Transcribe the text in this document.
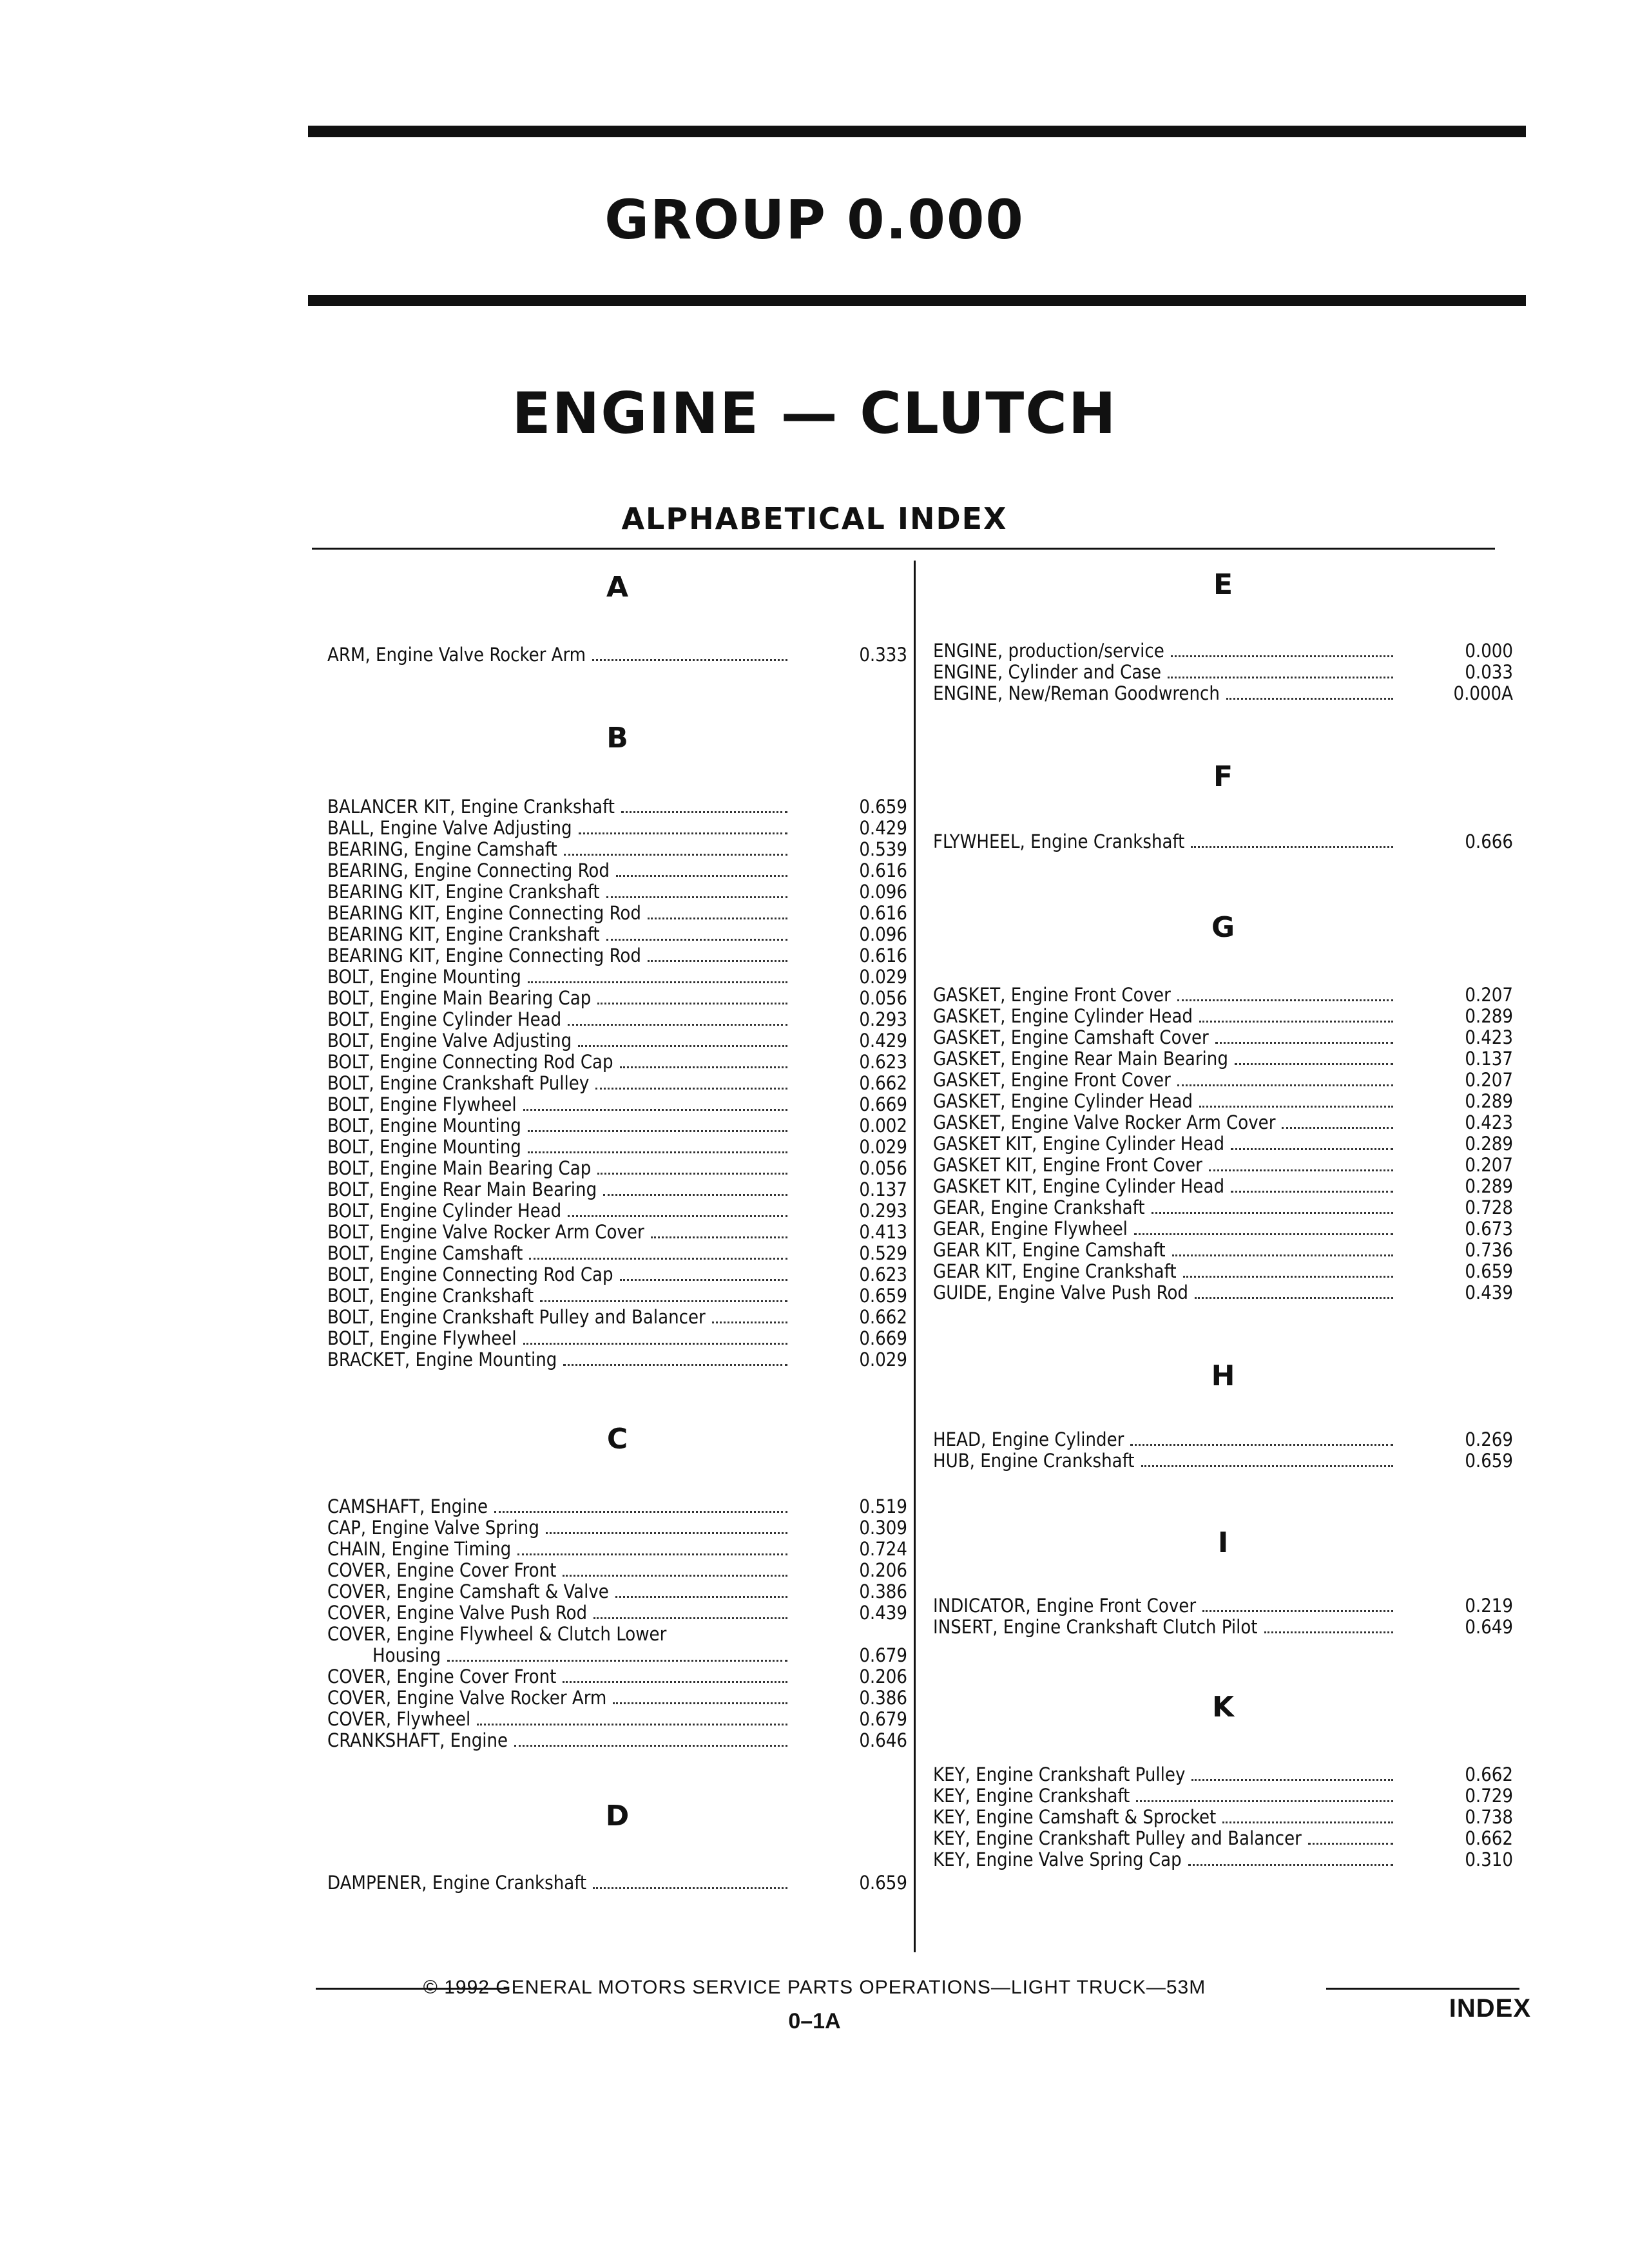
GROUP 0.000
ENGINE — CLUTCH
ALPHABETICAL INDEX
A
ARM, Engine Valve Rocker Arm	0.333
B
BALANCER KIT, Engine Crankshaft	0.659
BALL, Engine Valve Adjusting	0.429
BEARING, Engine Camshaft	0.539
BEARING, Engine Connecting Rod	0.616
BEARING KIT, Engine Crankshaft	0.096
BEARING KIT, Engine Connecting Rod	0.616
BEARING KIT, Engine Crankshaft	0.096
BEARING KIT, Engine Connecting Rod	0.616
BOLT, Engine Mounting	0.029
BOLT, Engine Main Bearing Cap	0.056
BOLT, Engine Cylinder Head	0.293
BOLT, Engine Valve Adjusting	0.429
BOLT, Engine Connecting Rod Cap	0.623
BOLT, Engine Crankshaft Pulley	0.662
BOLT, Engine Flywheel	0.669
BOLT, Engine Mounting	0.002
BOLT, Engine Mounting	0.029
BOLT, Engine Main Bearing Cap	0.056
BOLT, Engine Rear Main Bearing	0.137
BOLT, Engine Cylinder Head	0.293
BOLT, Engine Valve Rocker Arm Cover	0.413
BOLT, Engine Camshaft	0.529
BOLT, Engine Connecting Rod Cap	0.623
BOLT, Engine Crankshaft	0.659
BOLT, Engine Crankshaft Pulley and Balancer	0.662
BOLT, Engine Flywheel	0.669
BRACKET, Engine Mounting	0.029
C
CAMSHAFT, Engine	0.519
CAP, Engine Valve Spring	0.309
CHAIN, Engine Timing	0.724
COVER, Engine Cover Front	0.206
COVER, Engine Camshaft & Valve	0.386
COVER, Engine Valve Push Rod	0.439
COVER, Engine Flywheel & Clutch Lower
Housing	0.679
COVER, Engine Cover Front	0.206
COVER, Engine Valve Rocker Arm	0.386
COVER, Flywheel	0.679
CRANKSHAFT, Engine	0.646
D
DAMPENER, Engine Crankshaft	0.659
E
ENGINE, production/service	0.000
ENGINE, Cylinder and Case	0.033
ENGINE, New/Reman Goodwrench	0.000A
F
FLYWHEEL, Engine Crankshaft	0.666
G
GASKET, Engine Front Cover	0.207
GASKET, Engine Cylinder Head	0.289
GASKET, Engine Camshaft Cover	0.423
GASKET, Engine Rear Main Bearing	0.137
GASKET, Engine Front Cover	0.207
GASKET, Engine Cylinder Head	0.289
GASKET, Engine Valve Rocker Arm Cover	0.423
GASKET KIT, Engine Cylinder Head	0.289
GASKET KIT, Engine Front Cover	0.207
GASKET KIT, Engine Cylinder Head	0.289
GEAR, Engine Crankshaft	0.728
GEAR, Engine Flywheel	0.673
GEAR KIT, Engine Camshaft	0.736
GEAR KIT, Engine Crankshaft	0.659
GUIDE, Engine Valve Push Rod	0.439
H
HEAD, Engine Cylinder	0.269
HUB, Engine Crankshaft	0.659
I
INDICATOR, Engine Front Cover	0.219
INSERT, Engine Crankshaft Clutch Pilot	0.649
K
KEY, Engine Crankshaft Pulley	0.662
KEY, Engine Crankshaft	0.729
KEY, Engine Camshaft & Sprocket	0.738
KEY, Engine Crankshaft Pulley and Balancer	0.662
KEY, Engine Valve Spring Cap	0.310
© 1992 GENERAL MOTORS SERVICE PARTS OPERATIONS—LIGHT TRUCK—53M
0–1A	INDEX
